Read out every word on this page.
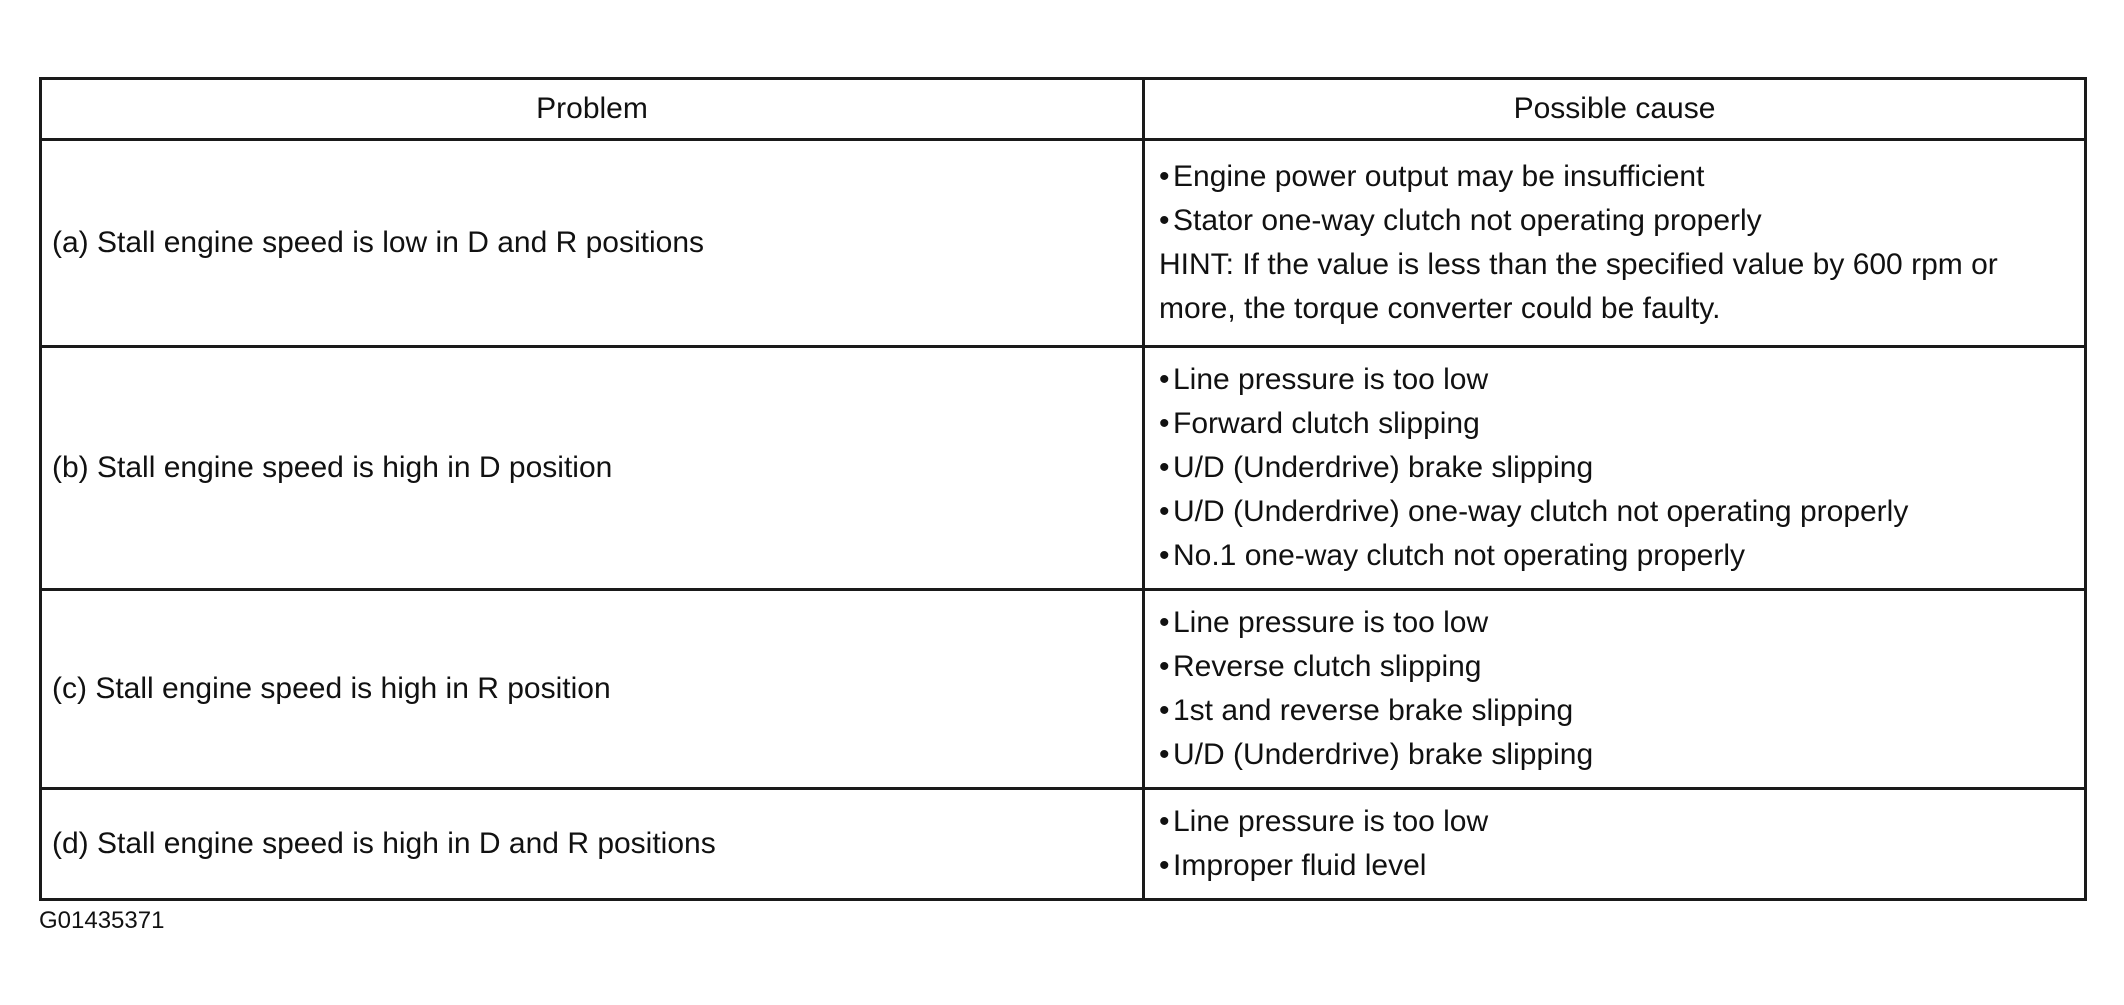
Problem	Possible cause
(a) Stall engine speed is low in D and R positions	• Engine power output may be insufficient
• Stator one-way clutch not operating properly
HINT: If the value is less than the specified value by 600 rpm or more, the torque converter could be faulty.

(b) Stall engine speed is high in D position	• Line pressure is too low
• Forward clutch slipping
• U/D (Underdrive) brake slipping
• U/D (Underdrive) one-way clutch not operating properly
• No.1 one-way clutch not operating properly

(c) Stall engine speed is high in R position	• Line pressure is too low
• Reverse clutch slipping
• 1st and reverse brake slipping
• U/D (Underdrive) brake slipping

(d) Stall engine speed is high in D and R positions	• Line pressure is too low
• Improper fluid level
G01435371
